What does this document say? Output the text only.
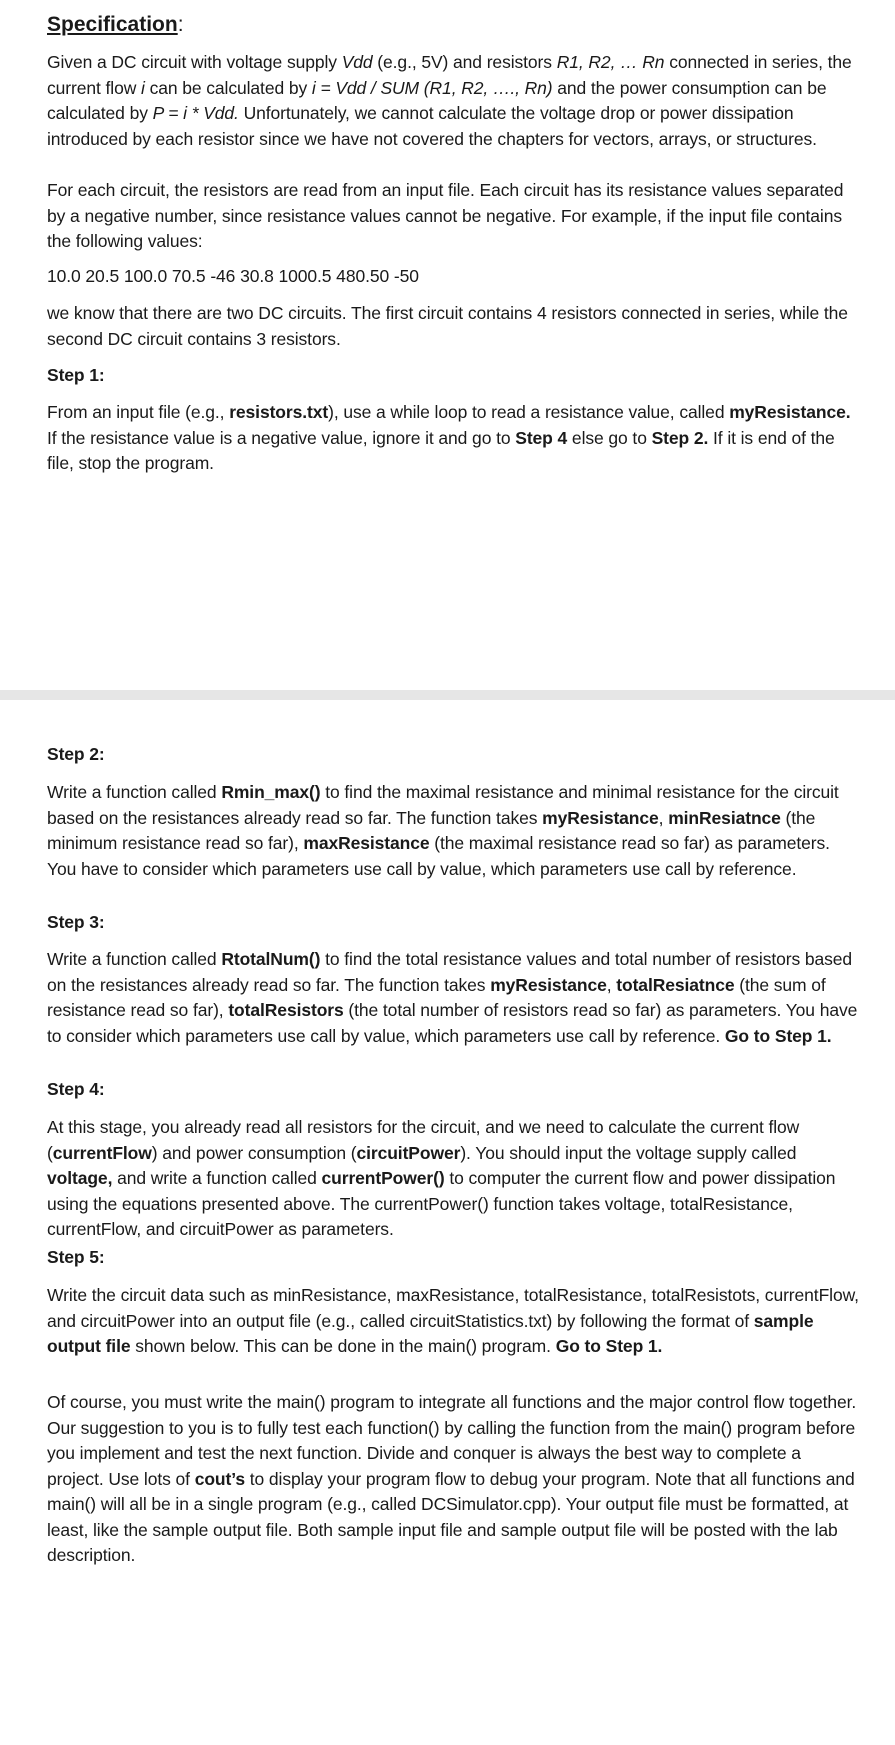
Specification:

Given a DC circuit with voltage supply Vdd (e.g., 5V) and resistors R1, R2, … Rn connected in series, the current flow i can be calculated by i = Vdd / SUM (R1, R2, …., Rn) and the power consumption can be calculated by P = i * Vdd. Unfortunately, we cannot calculate the voltage drop or power dissipation introduced by each resistor since we have not covered the chapters for vectors, arrays, or structures.

For each circuit, the resistors are read from an input file. Each circuit has its resistance values separated by a negative number, since resistance values cannot be negative. For example, if the input file contains the following values:

10.0 20.5 100.0 70.5 -46 30.8 1000.5 480.50 -50

we know that there are two DC circuits. The first circuit contains 4 resistors connected in series, while the second DC circuit contains 3 resistors.

Step 1:

From an input file (e.g., resistors.txt), use a while loop to read a resistance value, called myResistance. If the resistance value is a negative value, ignore it and go to Step 4 else go to Step 2. If it is end of the file, stop the program.

Step 2:

Write a function called Rmin_max() to find the maximal resistance and minimal resistance for the circuit based on the resistances already read so far. The function takes myResistance, minResiatnce (the minimum resistance read so far), maxResistance (the maximal resistance read so far) as parameters. You have to consider which parameters use call by value, which parameters use call by reference.

Step 3:

Write a function called RtotalNum() to find the total resistance values and total number of resistors based on the resistances already read so far. The function takes myResistance, totalResiatnce (the sum of resistance read so far), totalResistors (the total number of resistors read so far) as parameters. You have to consider which parameters use call by value, which parameters use call by reference. Go to Step 1.

Step 4:

At this stage, you already read all resistors for the circuit, and we need to calculate the current flow (currentFlow) and power consumption (circuitPower). You should input the voltage supply called voltage, and write a function called currentPower() to computer the current flow and power dissipation using the equations presented above. The currentPower() function takes voltage, totalResistance, currentFlow, and circuitPower as parameters.

Step 5:

Write the circuit data such as minResistance, maxResistance, totalResistance, totalResistots, currentFlow, and circuitPower into an output file (e.g., called circuitStatistics.txt) by following the format of sample output file shown below. This can be done in the main() program. Go to Step 1.

Of course, you must write the main() program to integrate all functions and the major control flow together. Our suggestion to you is to fully test each function() by calling the function from the main() program before you implement and test the next function. Divide and conquer is always the best way to complete a project. Use lots of cout’s to display your program flow to debug your program. Note that all functions and main() will all be in a single program (e.g., called DCSimulator.cpp). Your output file must be formatted, at least, like the sample output file. Both sample input file and sample output file will be posted with the lab description.
